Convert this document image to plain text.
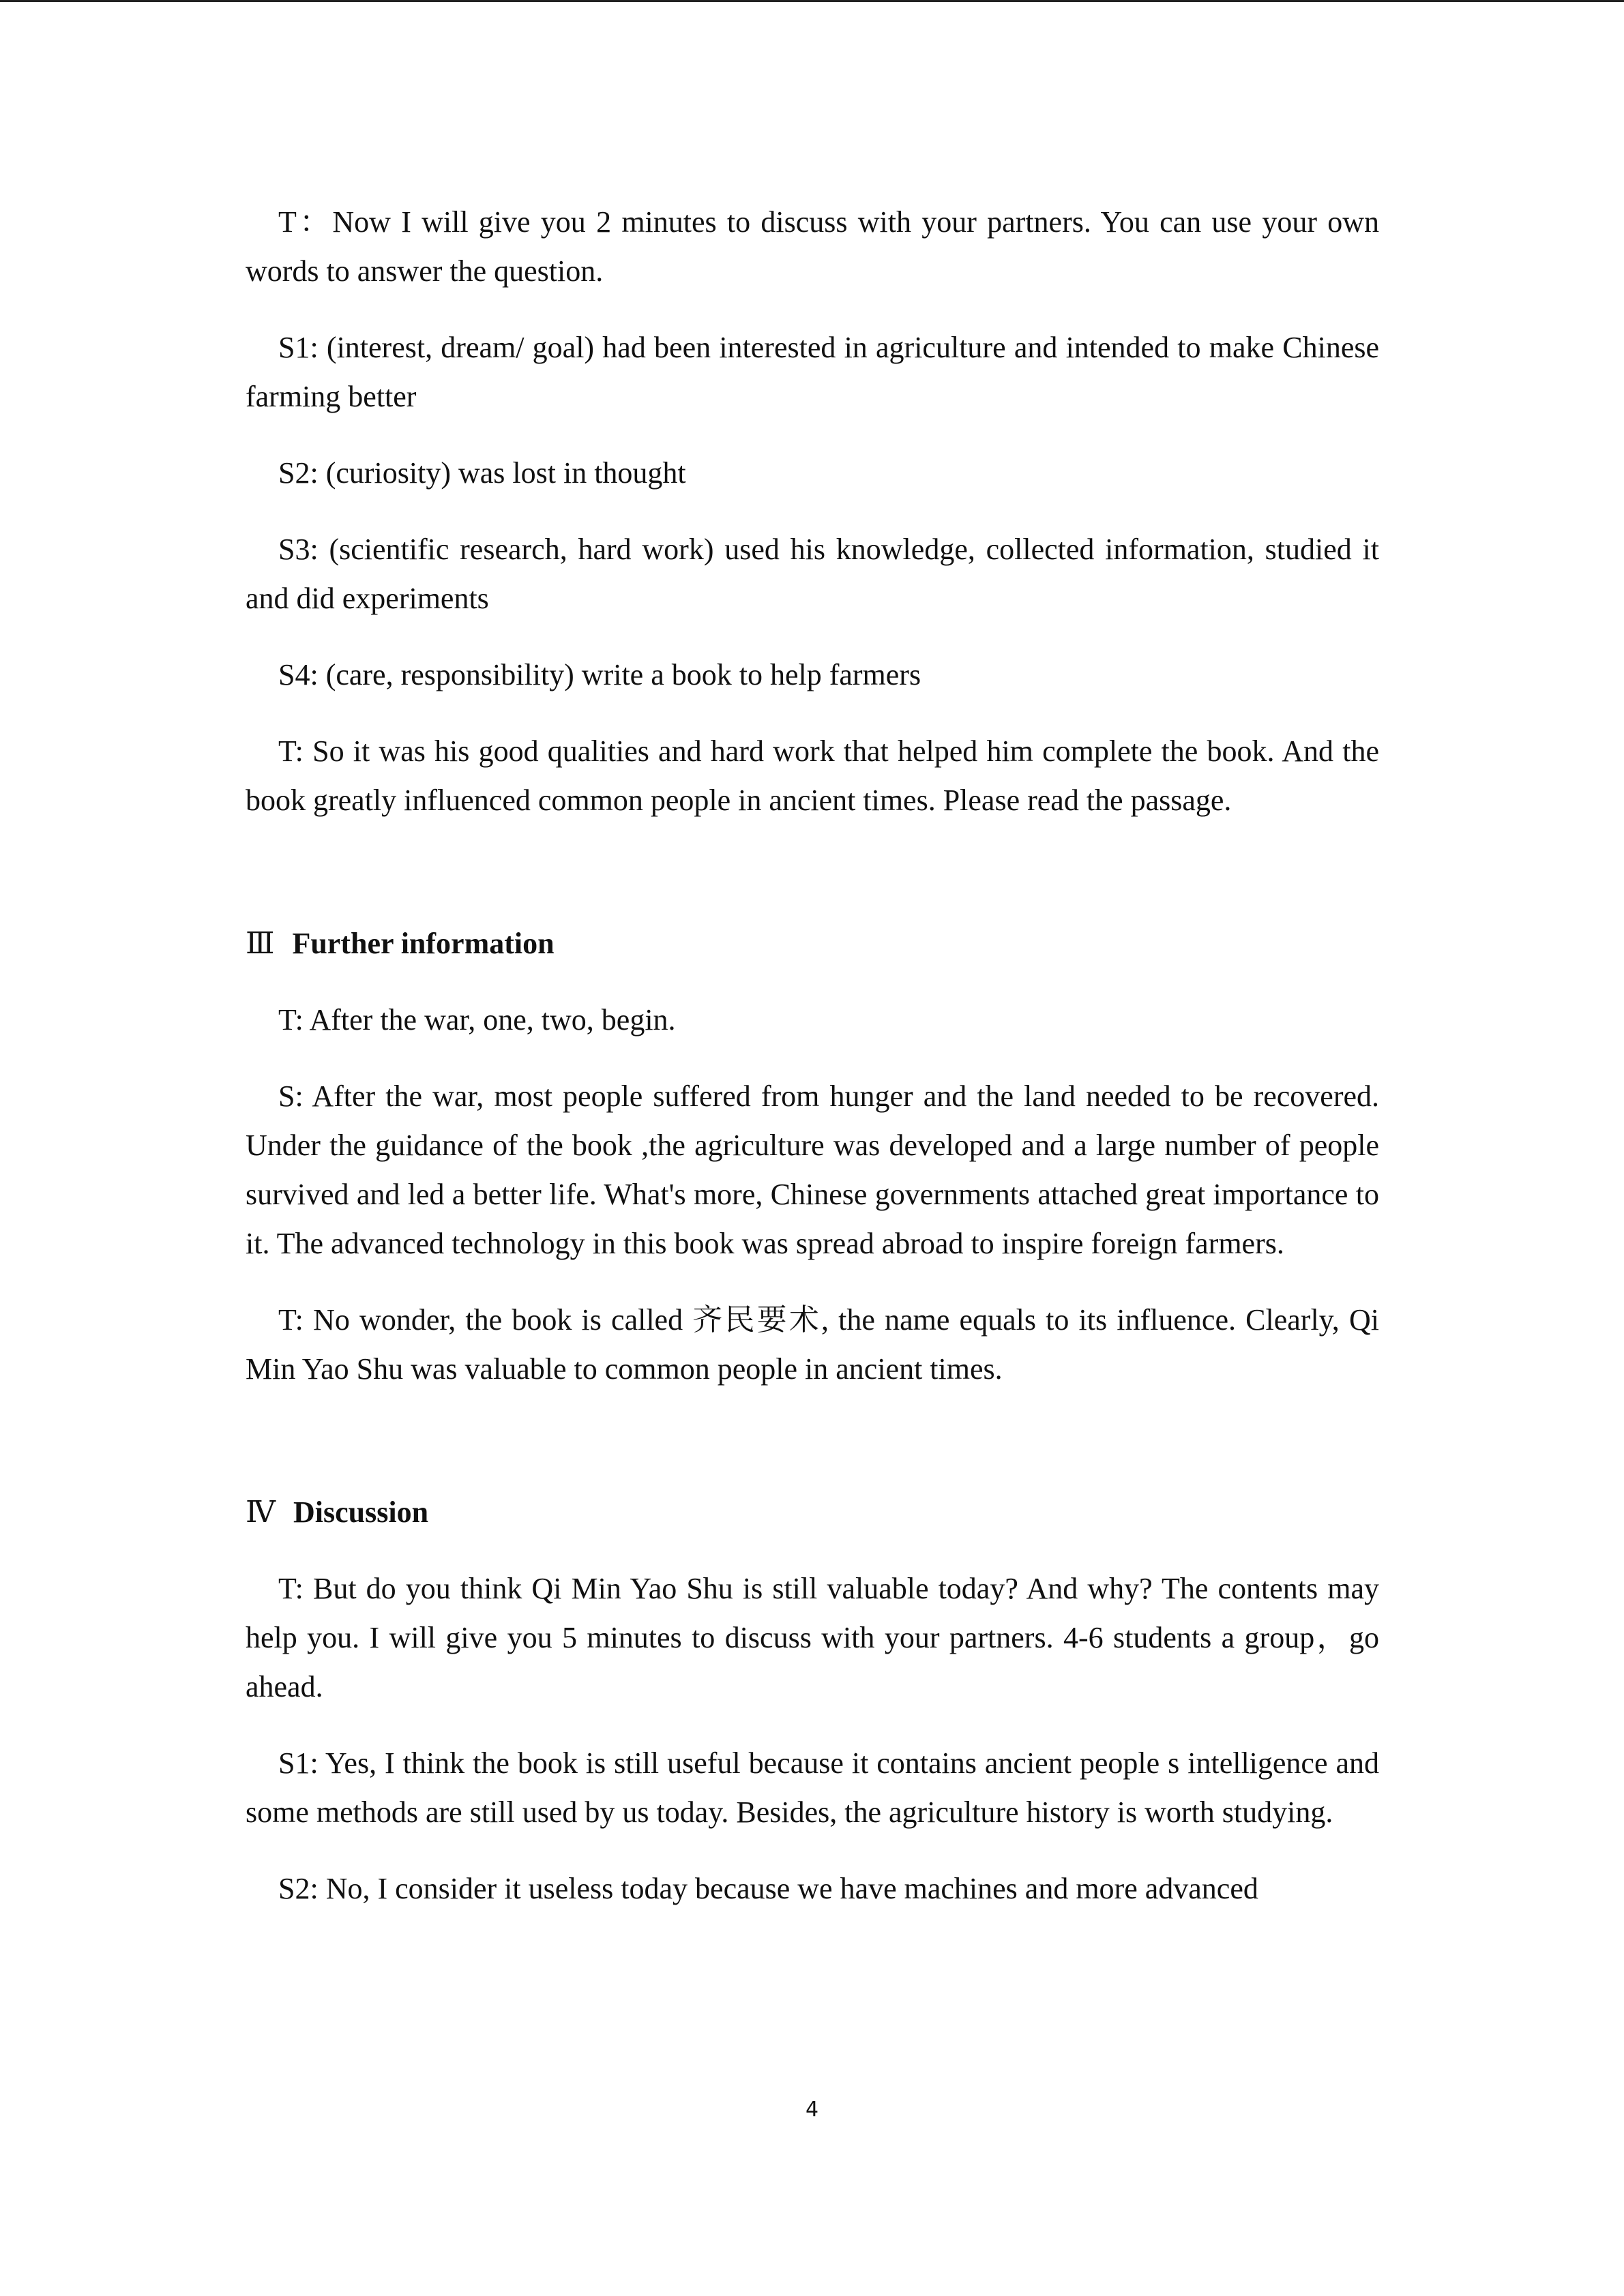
T：Now I will give you 2 minutes to discuss with your partners. You can use your own words to answer the question.

S1: (interest, dream/ goal) had been interested in agriculture and intended to make Chinese farming better

S2: (curiosity) was lost in thought

S3: (scientific research, hard work) used his knowledge, collected information, studied it and did experiments

S4: (care, responsibility) write a book to help farmers

T: So it was his good qualities and hard work that helped him complete the book. And the book greatly influenced common people in ancient times. Please read the passage.

Ⅲ Further information

T: After the war, one, two, begin.

S: After the war, most people suffered from hunger and the land needed to be recovered. Under the guidance of the book ,the agriculture was developed and a large number of people survived and led a better life. What's more, Chinese governments attached great importance to it. The advanced technology in this book was spread abroad to inspire foreign farmers.

T: No wonder, the book is called 齐民要术, the name equals to its influence. Clearly, Qi Min Yao Shu was valuable to common people in ancient times.

Ⅳ Discussion

T: But do you think Qi Min Yao Shu is still valuable today? And why? The contents may help you. I will give you 5 minutes to discuss with your partners. 4-6 students a group，go ahead.

S1: Yes, I think the book is still useful because it contains ancient people s intelligence and some methods are still used by us today. Besides, the agriculture history is worth studying.

S2: No, I consider it useless today because we have machines and more advanced

4
